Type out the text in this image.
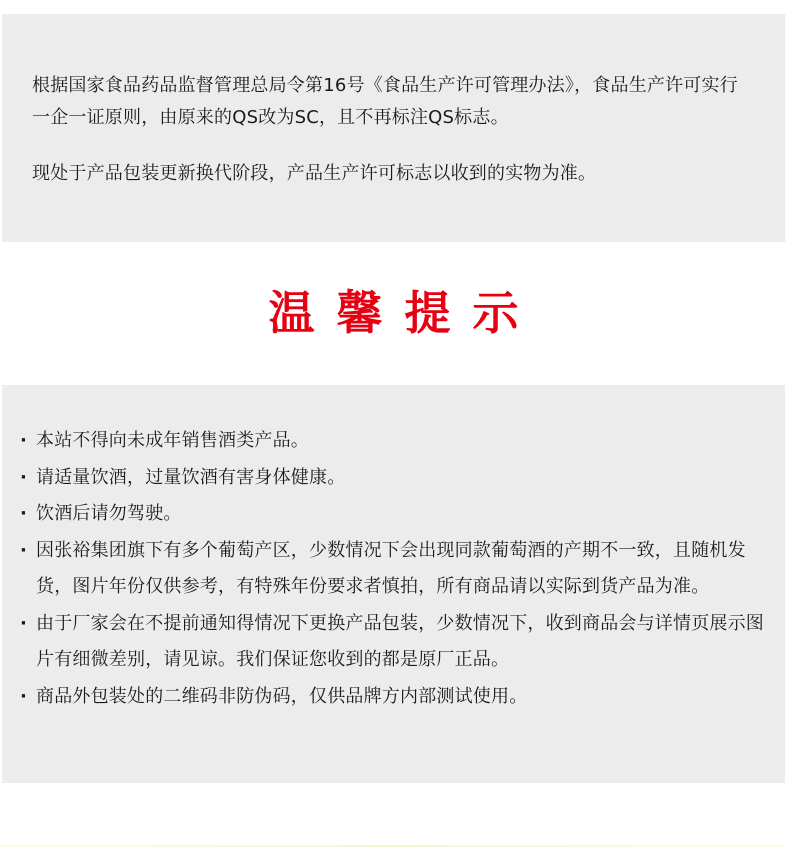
根据国家食品药品监督管理总局令第16号《食品生产许可管理办法》，食品生产许可实行一企一证原则，由原来的QS改为SC，且不再标注QS标志。

现处于产品包装更新换代阶段，产品生产许可标志以收到的实物为准。

温馨提示
· 本站不得向未成年销售酒类产品。
· 请适量饮酒，过量饮酒有害身体健康。
· 饮酒后请勿驾驶。
· 因张裕集团旗下有多个葡萄产区，少数情况下会出现同款葡萄酒的产期不一致，且随机发货，图片年份仅供参考，有特殊年份要求者慎拍，所有商品请以实际到货产品为准。
· 由于厂家会在不提前通知得情况下更换产品包装，少数情况下，收到商品会与详情页展示图片有细微差别，请见谅。我们保证您收到的都是原厂正品。
· 商品外包装处的二维码非防伪码，仅供品牌方内部测试使用。
